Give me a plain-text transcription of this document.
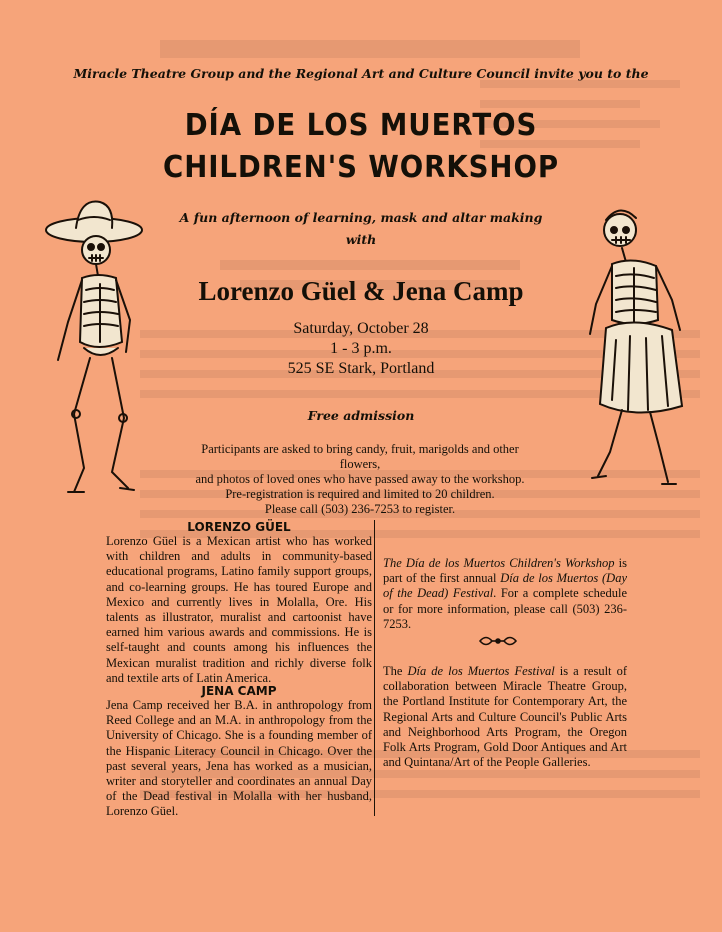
Miracle Theatre Group and the Regional Art and Culture Council invite you to the
DÍA DE LOS MUERTOS
CHILDREN'S WORKSHOP
A fun afternoon of learning, mask and altar making
with
Lorenzo Güel & Jena Camp
Saturday, October 28
1 - 3 p.m.
525 SE Stark, Portland
Free admission
Participants are asked to bring candy, fruit, marigolds and other flowers,
and photos of loved ones who have passed away to the workshop.
Pre-registration is required and limited to 20 children.
Please call (503) 236-7253 to register.
LORENZO GÜEL
Lorenzo Güel is a Mexican artist who has worked with children and adults in community-based educational programs, Latino family support groups, and co-learning groups. He has toured Europe and Mexico and currently lives in Molalla, Ore. His talents as illustrator, muralist and cartoonist have earned him various awards and commissions. He is self-taught and counts among his influences the Mexican muralist tradition and richly diverse folk and textile arts of Latin America.
JENA CAMP
Jena Camp received her B.A. in anthropology from Reed College and an M.A. in anthropology from the University of Chicago. She is a founding member of the Hispanic Literacy Council in Chicago. Over the past several years, Jena has worked as a musician, writer and storyteller and coordinates an annual Day of the Dead festival in Molalla with her husband, Lorenzo Güel.
The Día de los Muertos Children's Workshop is part of the first annual Día de los Muertos (Day of the Dead) Festival. For a complete schedule or for more information, please call (503) 236-7253.
The Día de los Muertos Festival is a result of collaboration between Miracle Theatre Group, the Portland Institute for Contemporary Art, the Regional Arts and Culture Council's Public Arts and Neighborhood Arts Program, the Oregon Folk Arts Program, Gold Door Antiques and Art and Quintana/Art of the People Galleries.
